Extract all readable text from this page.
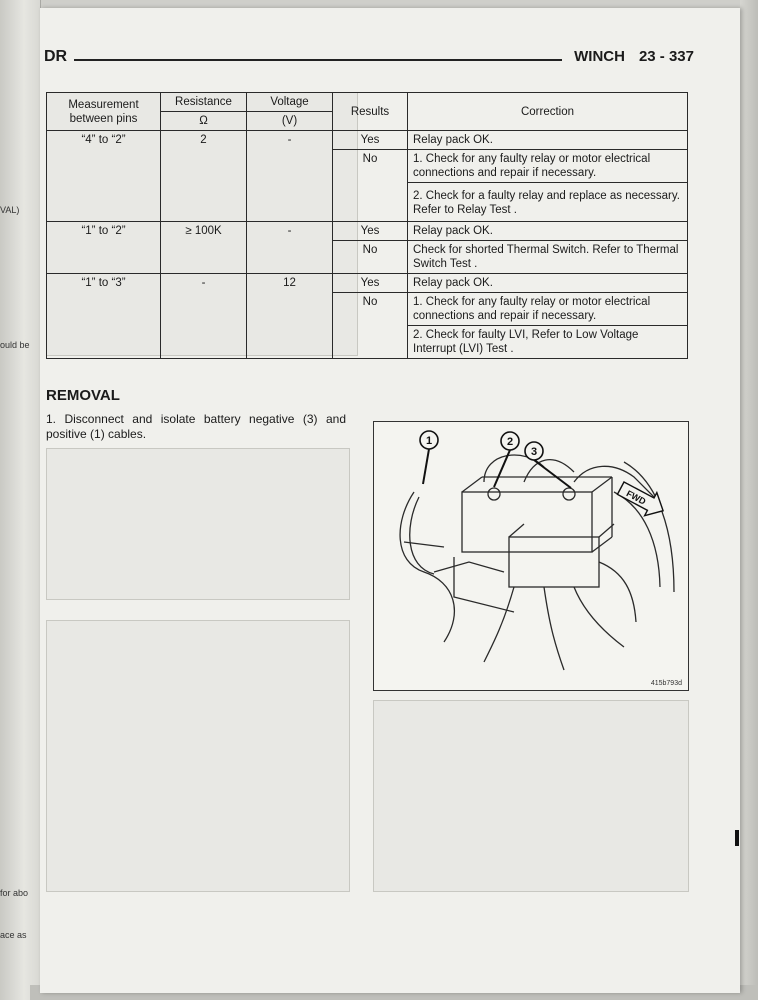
VAL)
ould be
for abo
ace as
DR	WINCH 23 - 337
Measurement between pins	Resistance	Voltage	Results	Correction
	Ω	(V)		
“4” to “2”	2	-	Yes	Relay pack OK.
			No	1. Check for any faulty relay or motor electrical connections and repair if necessary.
				2. Check for a faulty relay and replace as necessary. Refer to Relay Test .
“1” to “2”	≥ 100K	-	Yes	Relay pack OK.
			No	Check for shorted Thermal Switch. Refer to Thermal Switch Test .
“1” to “3”	-	12	Yes	Relay pack OK.
			No	1. Check for any faulty relay or motor electrical connections and repair if necessary.
				2. Check for faulty LVI, Refer to Low Voltage Interrupt (LVI) Test .
REMOVAL
1. Disconnect and isolate battery negative (3) and positive (1) cables.	1	2
3
FWD
415b793d
